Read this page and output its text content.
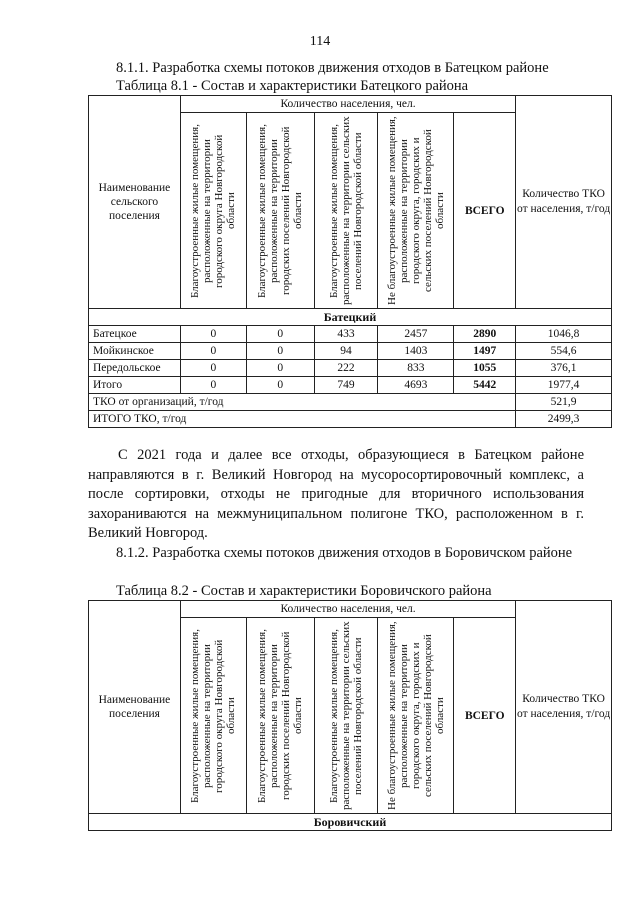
114
8.1.1. Разработка схемы потоков движения отходов в Батецком районе
Таблица 8.1 - Состав и характеристики Батецкого района
Наименование сельского поселения	Количество населения, чел.					Количество ТКО от населения, т/год

	Благоустроенные жилые помещения, расположенные на территории городского округа Новгородской области	Благоустроенные жилые помещения, расположенные на территории городских поселений Новгородской области	Благоустроенные жилые помещения, расположенные на территории сельских поселений Новгородской области	Не благоустроенные жилые помещения, расположенные на территории городского округа, городских и сельских поселений Новгородской области	ВСЕГО	
Батецкий						
Батецкое	0	0	433	2457	2890	1046,8
Мойкинское	0	0	94	1403	1497	554,6
Передольское	0	0	222	833	1055	376,1
Итого	0	0	749	4693	5442	1977,4
ТКО от организаций, т/год						521,9
ИТОГО ТКО, т/год						2499,3
С 2021 года и далее все отходы, образующиеся в Батецком районе направляются в г. Великий Новгород на мусоросортировочный комплекс, а после сортировки, отходы не пригодные для вторичного использования захораниваются на межмуниципальном полигоне ТКО, расположенном в г. Великий Новгород.
8.1.2. Разработка схемы потоков движения отходов в Боровичском районе
Таблица 8.2 - Состав и характеристики Боровичского района
Наименование поселения	Количество населения, чел.					Количество ТКО от населения, т/год

	Благоустроенные жилые помещения, расположенные на территории городского округа Новгородской области	Благоустроенные жилые помещения, расположенные на территории городских поселений Новгородской области	Благоустроенные жилые помещения, расположенные на территории сельских поселений Новгородской области	Не благоустроенные жилые помещения, расположенные на территории городского округа, городских и сельских поселений Новгородской области	ВСЕГО	
Боровичский						
